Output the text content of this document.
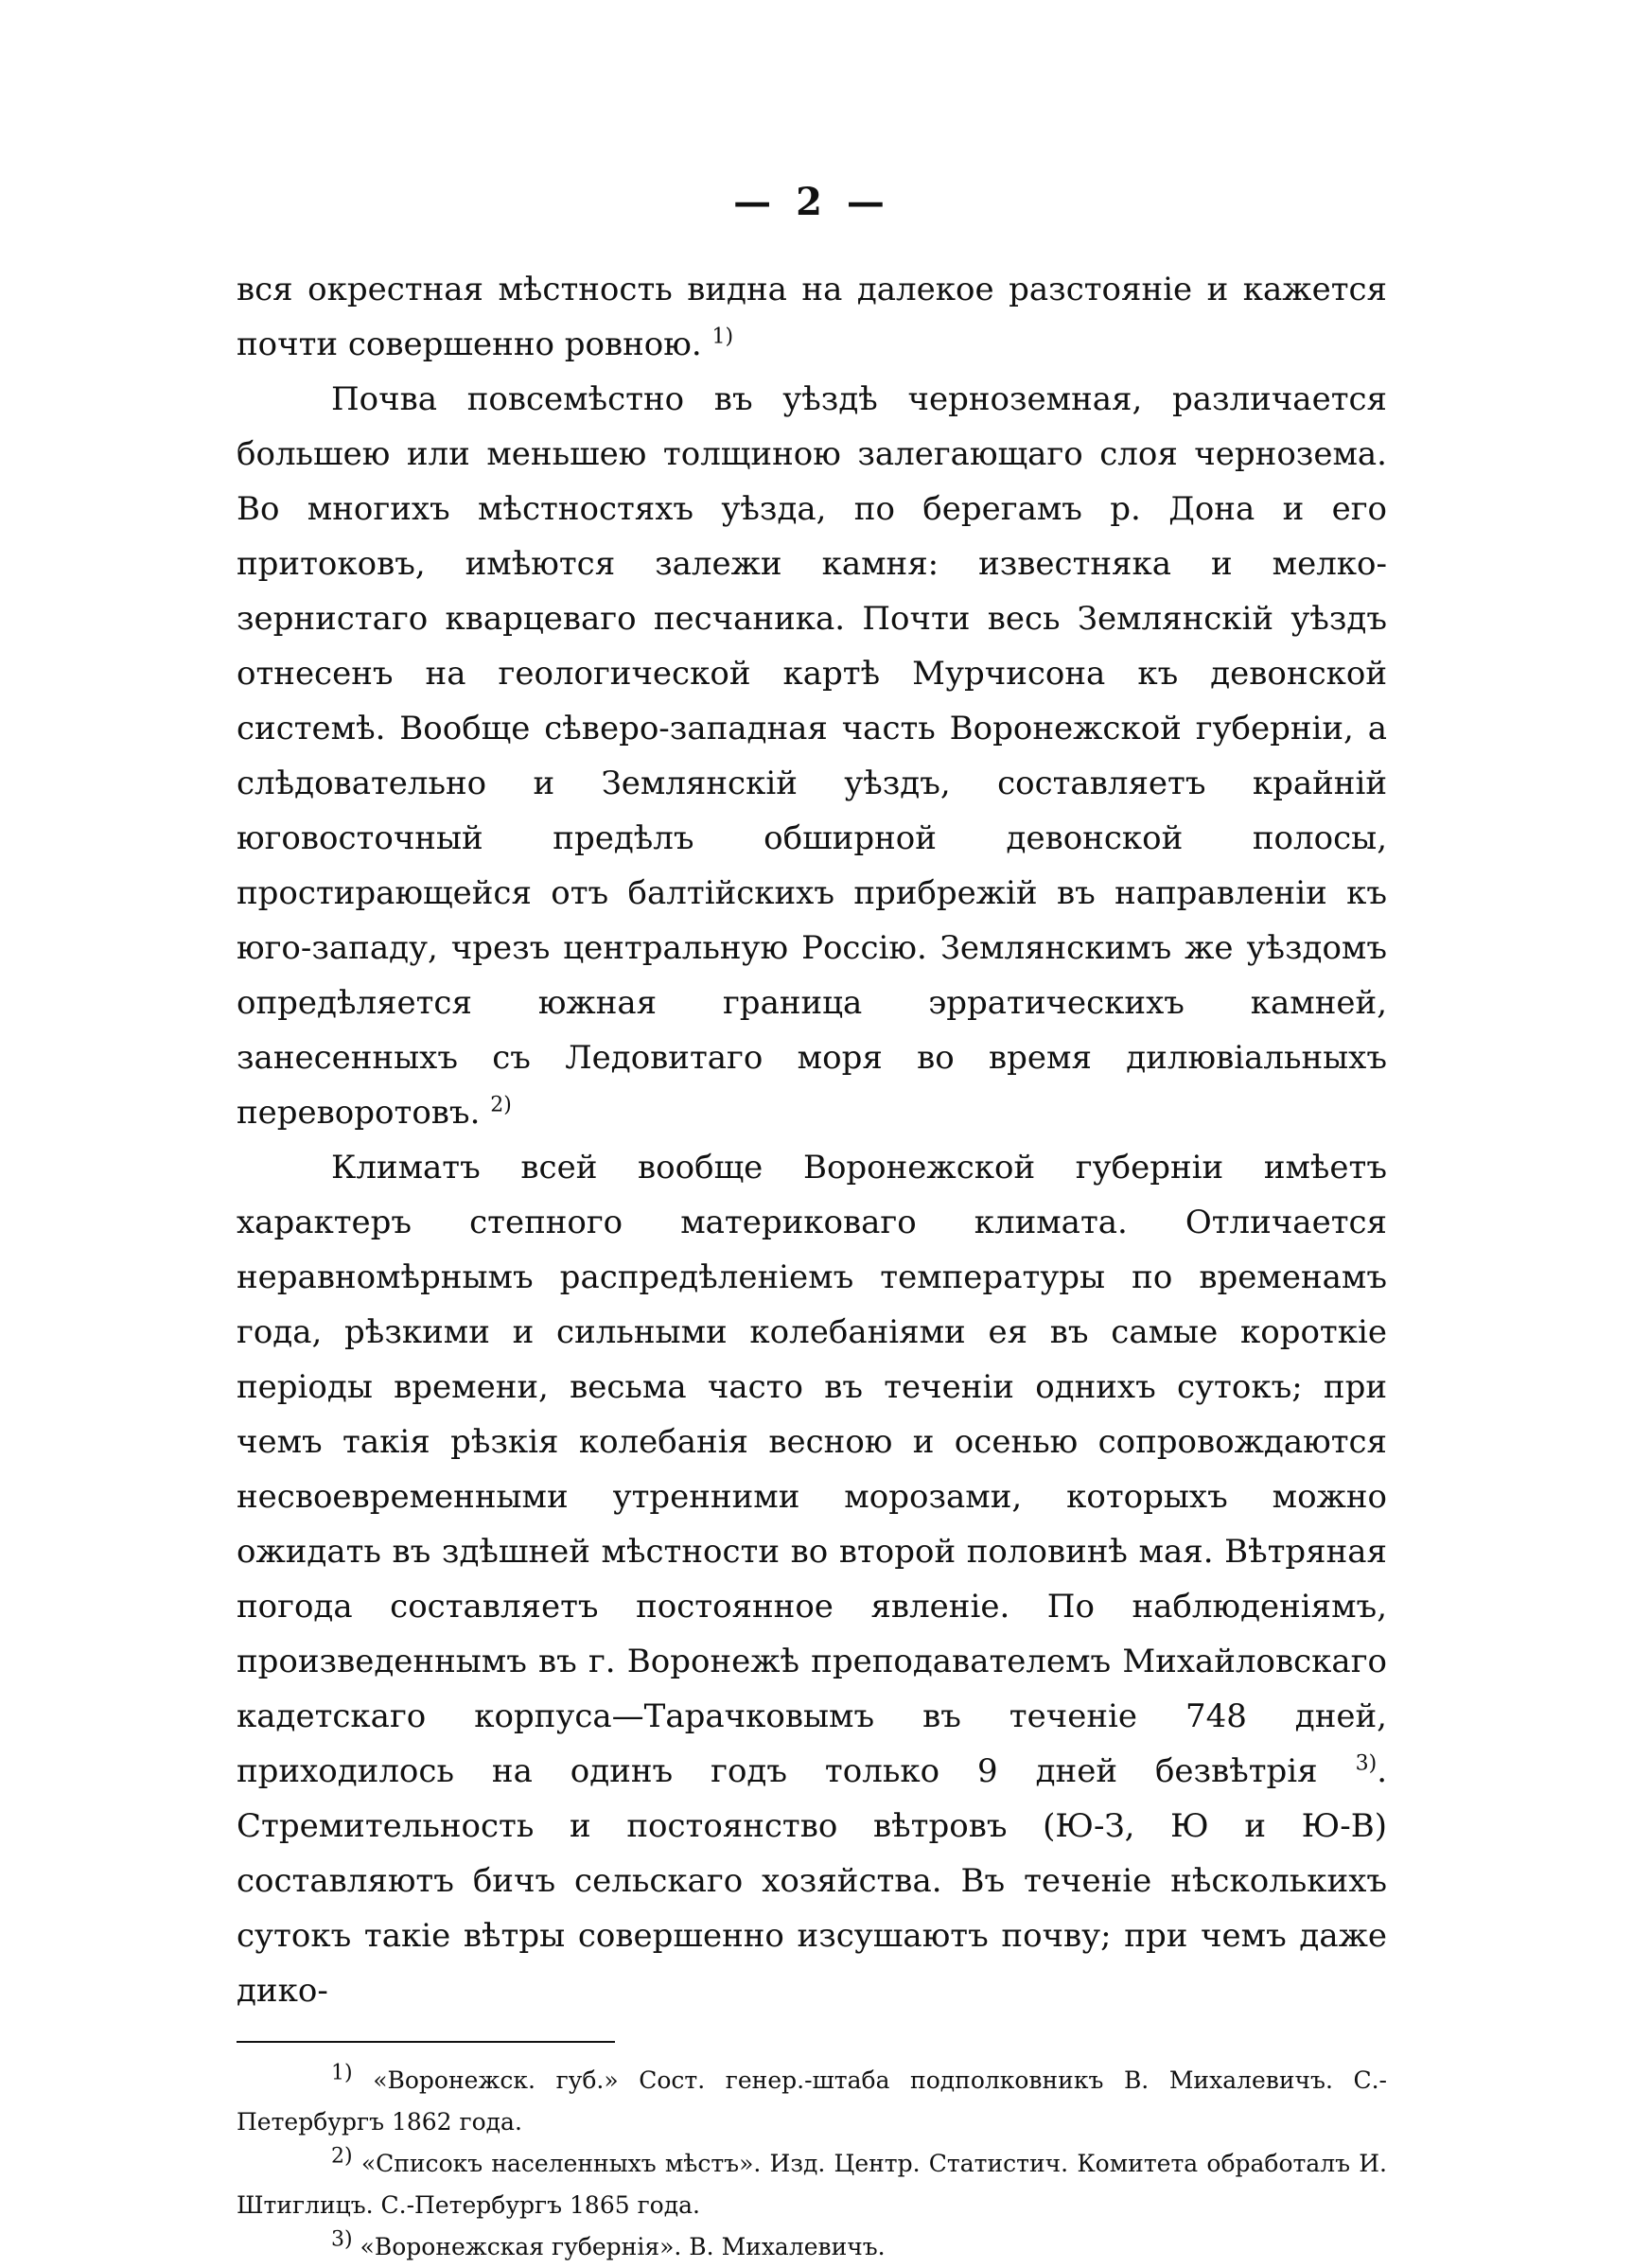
— 2 —

вся окрестная мѣстность видна на далекое разстояніе и кажется почти совершенно ровною. $^{1)}$

Почва повсемѣстно въ уѣздѣ черноземная, различается большею или меньшею толщиною залегающаго слоя чернозема. Во многихъ мѣстностяхъ уѣзда, по берегамъ р. Дона и его притоковъ, имѣются залежи камня: известняка и мелко-зернистаго кварцеваго песчаника. Почти весь Землянскій уѣздъ отнесенъ на геологической картѣ Мурчисона къ девонской системѣ. Вообще сѣверо-западная часть Воронежской губерніи, а слѣдовательно и Землянскій уѣздъ, составляетъ крайній юговосточный предѣлъ обширной девонской полосы, простирающейся отъ балтійскихъ прибрежій въ направленіи къ юго-западу, чрезъ центральную Россію. Землянскимъ же уѣздомъ опредѣляется южная граница эрратическихъ камней, занесенныхъ съ Ледовитаго моря во время дилювіальныхъ переворотовъ. $^{2)}$

Климатъ всей вообще Воронежской губерніи имѣетъ характеръ степного материковаго климата. Отличается неравномѣрнымъ распредѣленіемъ температуры по временамъ года, рѣзкими и сильными колебаніями ея въ самые короткіе періоды времени, весьма часто въ теченіи однихъ сутокъ; при чемъ такія рѣзкія колебанія весною и осенью сопровождаются несвоевременными утренними морозами, которыхъ можно ожидать въ здѣшней мѣстности во второй половинѣ мая. Вѣтряная погода составляетъ постоянное явленіе. По наблюденіямъ, произведеннымъ въ г. Воронежѣ преподавателемъ Михайловскаго кадетскаго корпуса—Тарачковымъ въ теченіе 748 дней, приходилось на одинъ годъ только 9 дней безвѣтрія $^{3)}$. Стремительность и постоянство вѣтровъ (Ю-З, Ю и Ю-В) составляютъ бичъ сельскаго хозяйства. Въ теченіе нѣсколькихъ сутокъ такіе вѣтры совершенно изсушаютъ почву; при чемъ даже дико-

$^{1)}$ «Воронежск. губ.» Сост. генер.-штаба подполковникъ В. Михалевичъ. С.-Петербургъ 1862 года.

$^{2)}$ «Списокъ населенныхъ мѣстъ». Изд. Центр. Статистич. Комитета обработалъ И. Штиглицъ. С.-Петербургъ 1865 года.

$^{3)}$ «Воронежская губернія». В. Михалевичъ.
